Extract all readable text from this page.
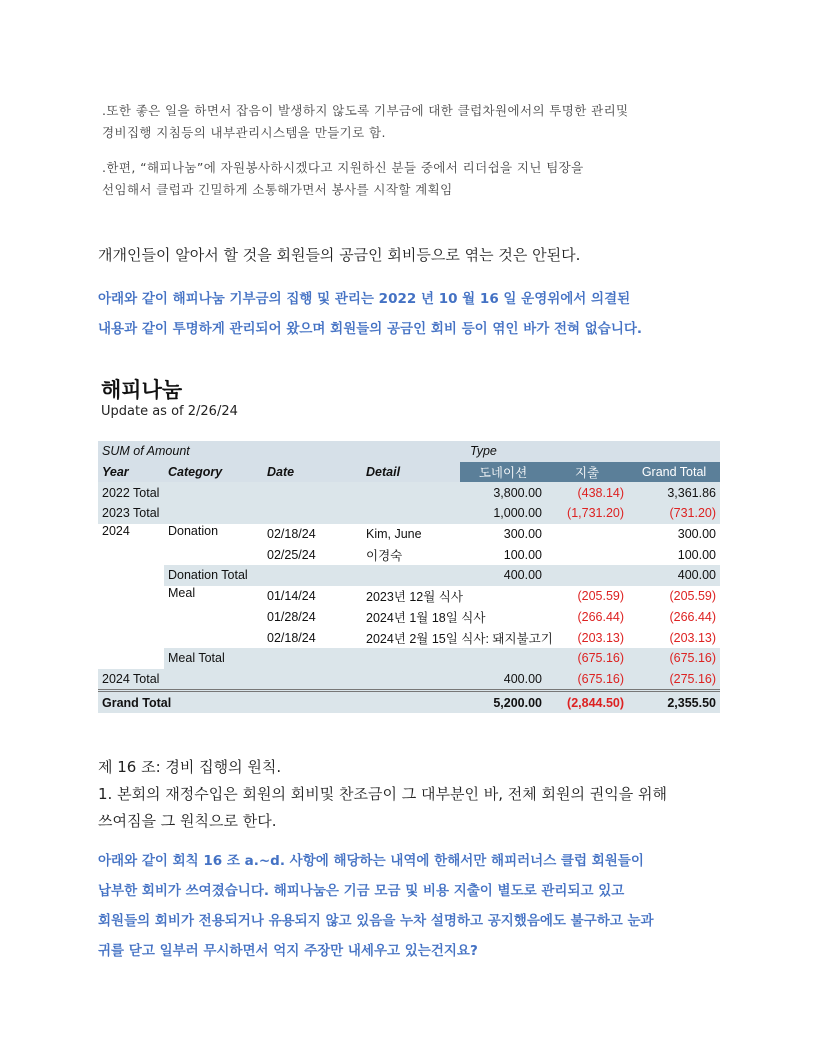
.또한 좋은 일을 하면서 잡음이 발생하지 않도록 기부금에 대한 클럽차원에서의 투명한 관리및
경비집행 지침등의 내부관리시스템을 만들기로 함.
.한편, “해피나눔”에 자원봉사하시겠다고 지원하신 분들 중에서 리더쉽을 지닌 팀장을
선임해서 클럽과 긴밀하게 소통해가면서 봉사를 시작할 계획임
개개인들이 알아서 할 것을 회원들의 공금인 회비등으로 엮는 것은 안된다.
아래와 같이 해피나눔 기부금의 집행 및 관리는 2022 년 10 월 16 일 운영위에서 의결된
내용과 같이 투명하게 관리되어 왔으며 회원들의 공금인 회비 등이 엮인 바가 전혀 없습니다.
해피나눔
Update as of 2/26/24
SUM of Amount				Type		
Year	Category	Date	Detail	도네이션	지출	Grand Total
2022 Total				3,800.00	(438.14)	3,361.86
2023 Total				1,000.00	(1,731.20)	(731.20)
2024	Donation	02/18/24	Kim, June	300.00		300.00
		02/25/24	이경숙	100.00		100.00
	Donation Total			400.00		400.00
	Meal	01/14/24	2023년 12월 식사		(205.59)	(205.59)
		01/28/24	2024년 1월 18일 식사		(266.44)	(266.44)
		02/18/24	2024년 2월 15일 식사: 돼지불고기		(203.13)	(203.13)
	Meal Total				(675.16)	(675.16)
2024 Total				400.00	(675.16)	(275.16)
Grand Total				5,200.00	(2,844.50)	2,355.50
제 16 조: 경비 집행의 원칙.
1. 본회의 재정수입은 회원의 회비및 찬조금이 그 대부분인 바, 전체 회원의 권익을 위해
쓰여짐을 그 원칙으로 한다.
아래와 같이 회칙 16 조 a.~d. 사항에 해당하는 내역에 한해서만 해피러너스 클럽 회원들이
납부한 회비가 쓰여졌습니다. 해피나눔은 기금 모금 및 비용 지출이 별도로 관리되고 있고
회원들의 회비가 전용되거나 유용되지 않고 있음을 누차 설명하고 공지했음에도 불구하고 눈과
귀를 닫고 일부러 무시하면서 억지 주장만 내세우고 있는건지요?
